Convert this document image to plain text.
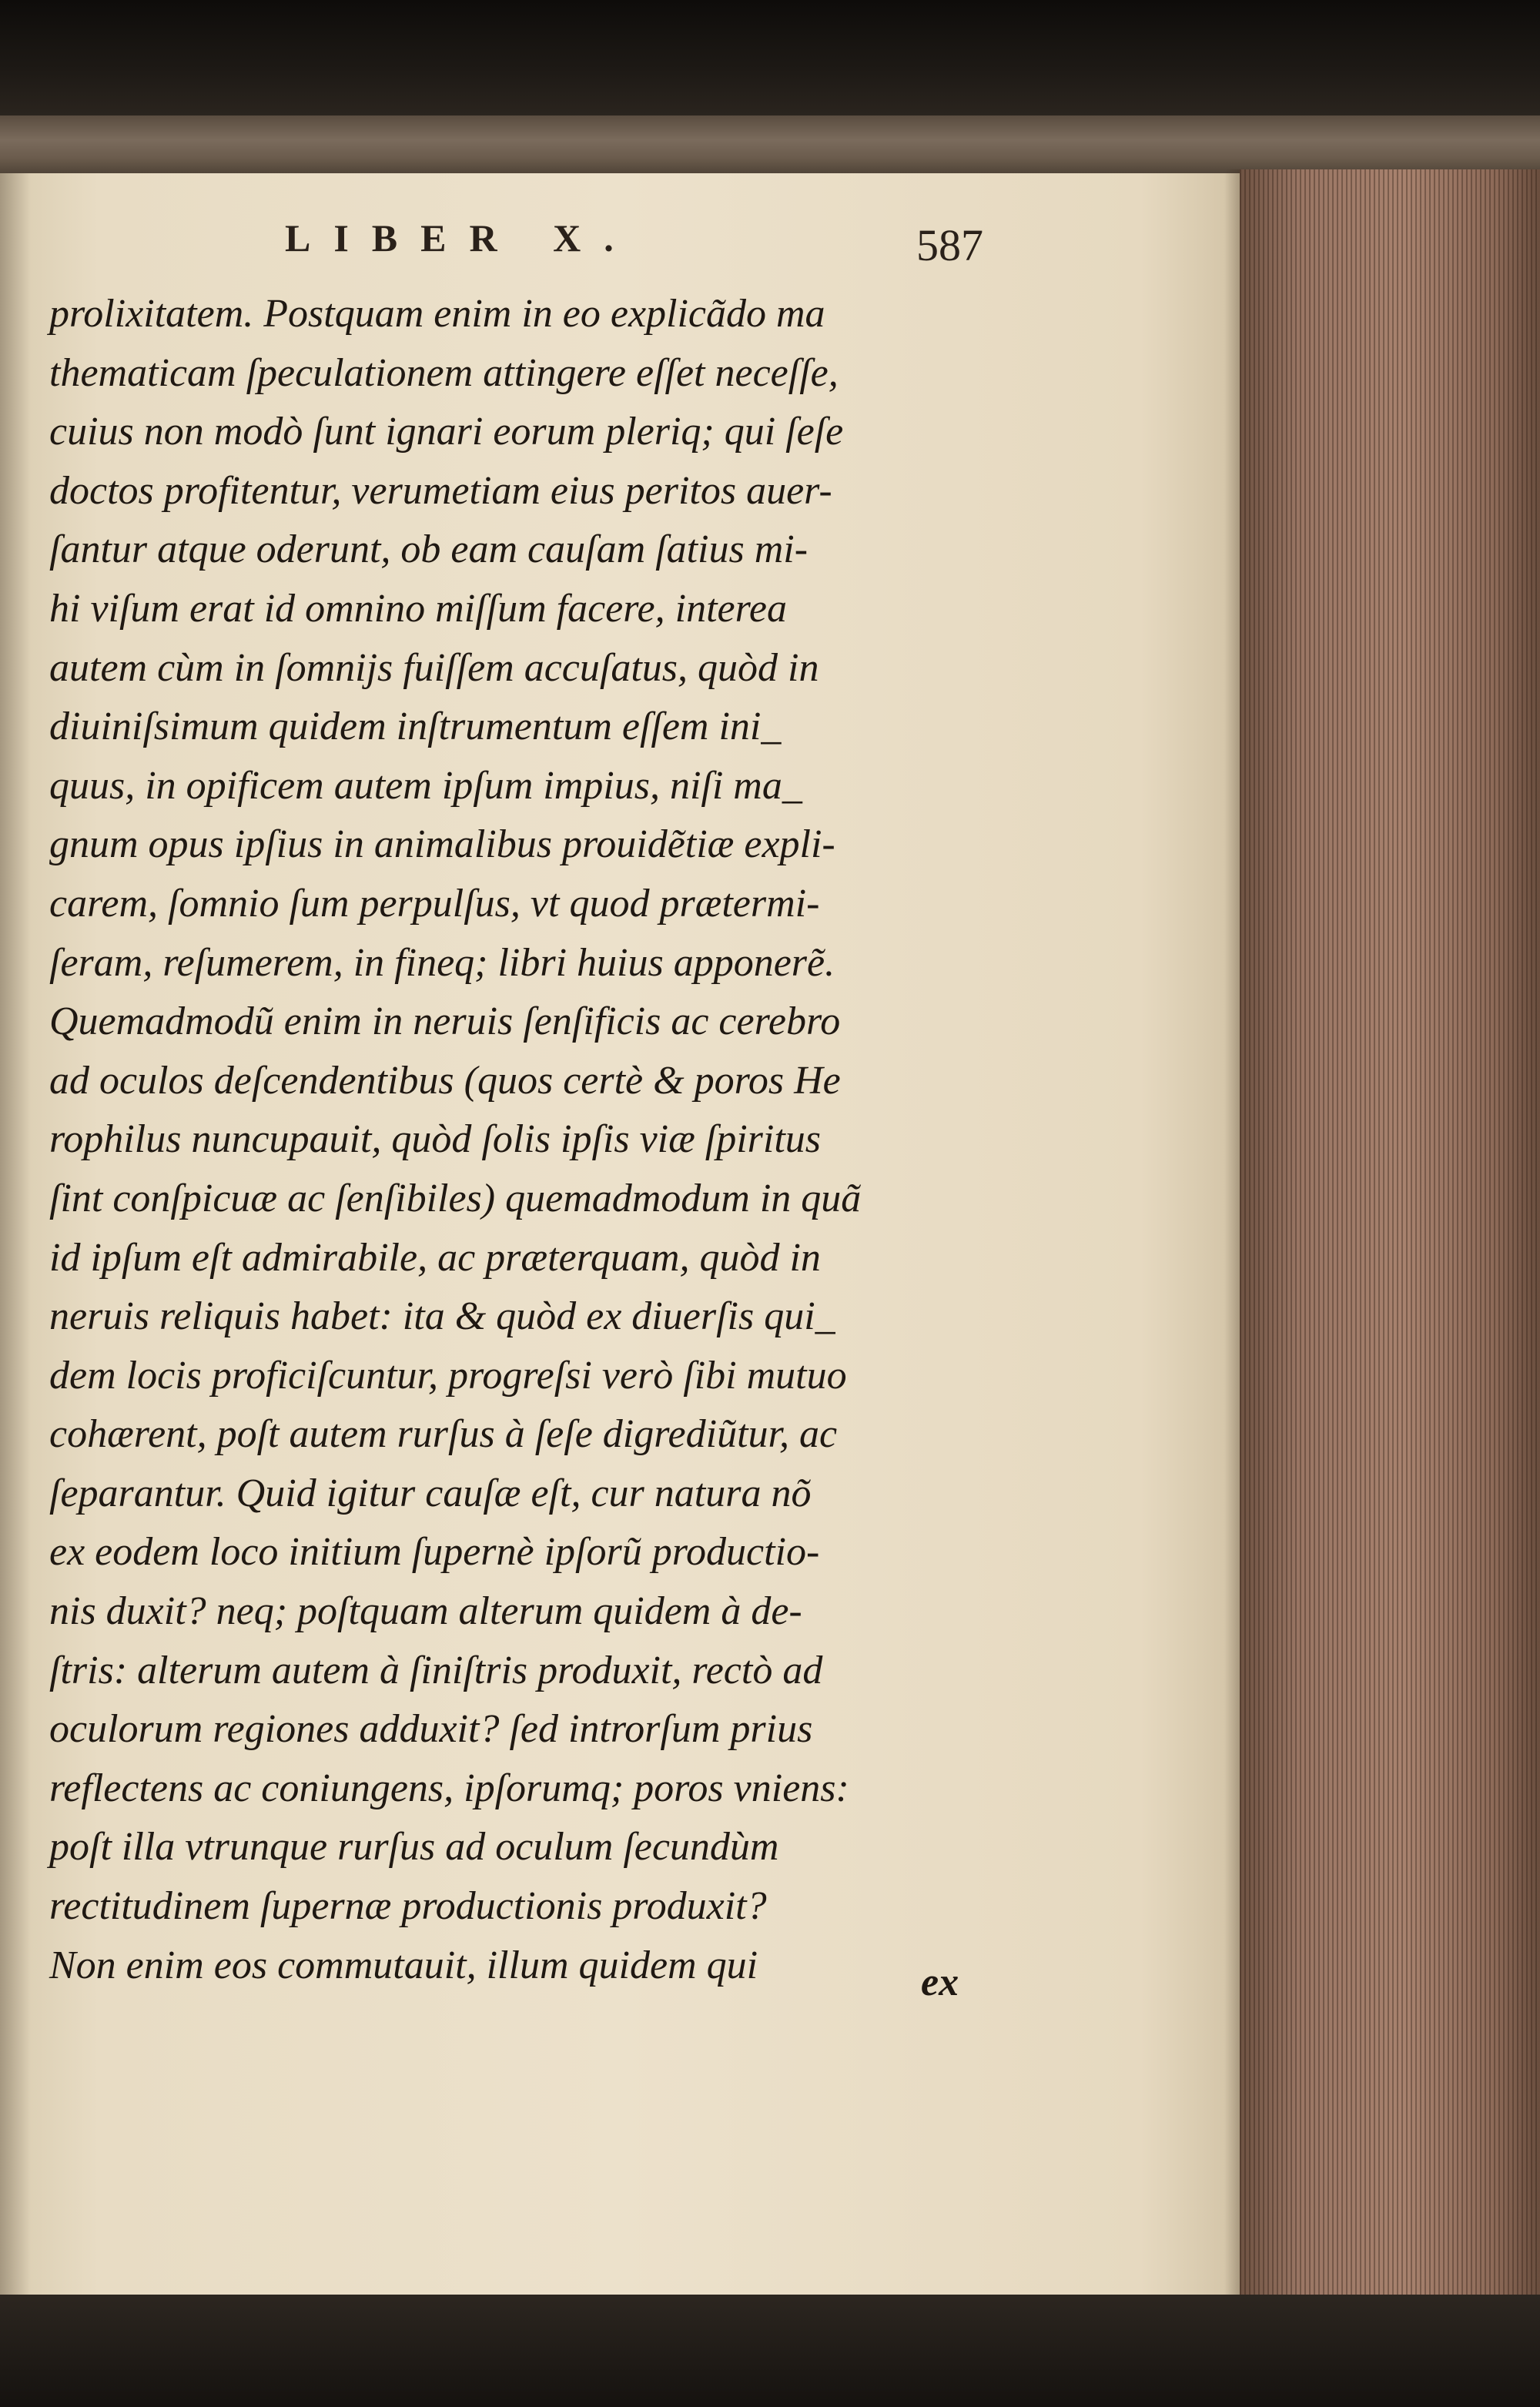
LIBER X.	587
prolixitatem. Postquam enim in eo explicãdo ma
thematicam ſpeculationem attingere eſſet neceſſe,
cuius non modò ſunt ignari eorum pleriq; qui ſeſe
doctos profitentur, verumetiam eius peritos auer-
ſantur atque oderunt, ob eam cauſam ſatius mi-
hi viſum erat id omnino miſſum facere, interea
autem cùm in ſomnijs fuiſſem accuſatus, quòd in
diuiniſsimum quidem inſtrumentum eſſem ini_
quus, in opificem autem ipſum impius, niſi ma_
gnum opus ipſius in animalibus prouidẽtiæ expli-
carem, ſomnio ſum perpulſus, vt quod prætermi-
ſeram, reſumerem, in fineq; libri huius apponerẽ.
Quemadmodũ enim in neruis ſenſificis ac cerebro
ad oculos deſcendentibus (quos certè & poros He
rophilus nuncupauit, quòd ſolis ipſis viæ ſpiritus
ſint conſpicuæ ac ſenſibiles) quemadmodum in quã
id ipſum eſt admirabile, ac præterquam, quòd in
neruis reliquis habet: ita & quòd ex diuerſis qui_
dem locis proficiſcuntur, progreſsi verò ſibi mutuo
cohærent, poſt autem rurſus à ſeſe digrediũtur, ac
ſeparantur. Quid igitur cauſæ eſt, cur natura nõ
ex eodem loco initium ſupernè ipſorũ productio-
nis duxit? neq; poſtquam alterum quidem à de-
ſtris: alterum autem à ſiniſtris produxit, rectò ad
oculorum regiones adduxit? ſed introrſum prius
reflectens ac coniungens, ipſorumq; poros vniens:
poſt illa vtrunque rurſus ad oculum ſecundùm
rectitudinem ſupernæ productionis produxit?
Non enim eos commutauit, illum quidem qui	ex
